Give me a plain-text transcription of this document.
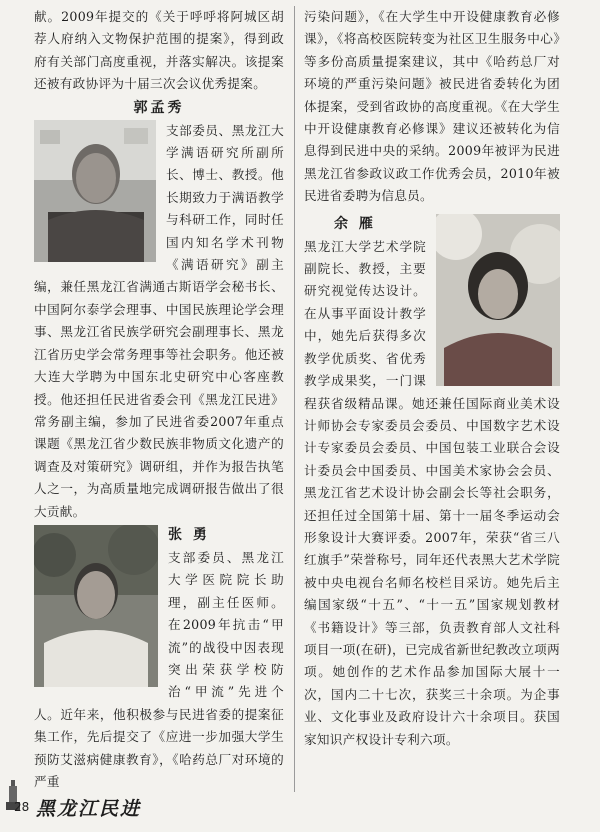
献。2009年提交的《关于呼呼将阿城区胡荐人府纳入文物保护范围的提案》，得到政府有关部门高度重视，并落实解决。该提案还被有政协评为十届三次会议优秀提案。

郭孟秀

支部委员、黑龙江大学满语研究所副所长、博士、教授。他长期致力于满语教学与科研工作，同时任国内知名学术刊物《满语研究》副主编，兼任黑龙江省满通古斯语学会秘书长、中国阿尔泰学会理事、中国民族理论学会理事、黑龙江省民族学研究会副理事长、黑龙江省历史学会常务理事等社会职务。他还被大连大学聘为中国东北史研究中心客座教授。他还担任民进省委会刊《黑龙江民进》常务副主编，参加了民进省委2007年重点课题《黑龙江省少数民族非物质文化遗产的调查及对策研究》调研组，并作为报告执笔人之一，为高质量地完成调研报告做出了很大贡献。

张 勇

支部委员、黑龙江大学医院院长助理，副主任医师。在2009年抗击“甲流”的战役中因表现突出荣获学校防治“甲流”先进个人。近年来，他积极参与民进省委的提案征集工作，先后提交了《应进一步加强大学生预防艾滋病健康教育》，《哈药总厂对环境的严重

污染问题》，《在大学生中开设健康教育必修课》，《将高校医院转变为社区卫生服务中心》等多份高质量提案建议，其中《哈药总厂对环境的严重污染问题》被民进省委转化为团体提案，受到省政协的高度重视。《在大学生中开设健康教育必修课》建议还被转化为信息得到民进中央的采纳。2009年被评为民进黑龙江省参政议政工作优秀会员，2010年被民进省委聘为信息员。

余 雁

黑龙江大学艺术学院副院长、教授，主要研究视觉传达设计。在从事平面设计教学中，她先后获得多次教学优质奖、省优秀教学成果奖，一门课程获省级精品课。她还兼任国际商业美术设计师协会专家委员会委员、中国数字艺术设计专家委员会委员、中国包装工业联合会设计委员会中国委员、中国美术家协会会员、黑龙江省艺术设计协会副会长等社会职务，还担任过全国第十届、第十一届冬季运动会形象设计大赛评委。2007年，荣获“省三八红旗手”荣誉称号，同年还代表黑大艺术学院被中央电视台名师名校栏目采访。她先后主编国家级“十五”、“十一五”国家规划教材《书籍设计》等三部，负责教育部人文社科项目一项(在研)，已完成省新世纪教改立项两项。她创作的艺术作品参加国际大展十一次，国内二十七次，获奖三十余项。为企事业、文化事业及政府设计六十余项目。获国家知识产权设计专利六项。

28 黑龙江民进
